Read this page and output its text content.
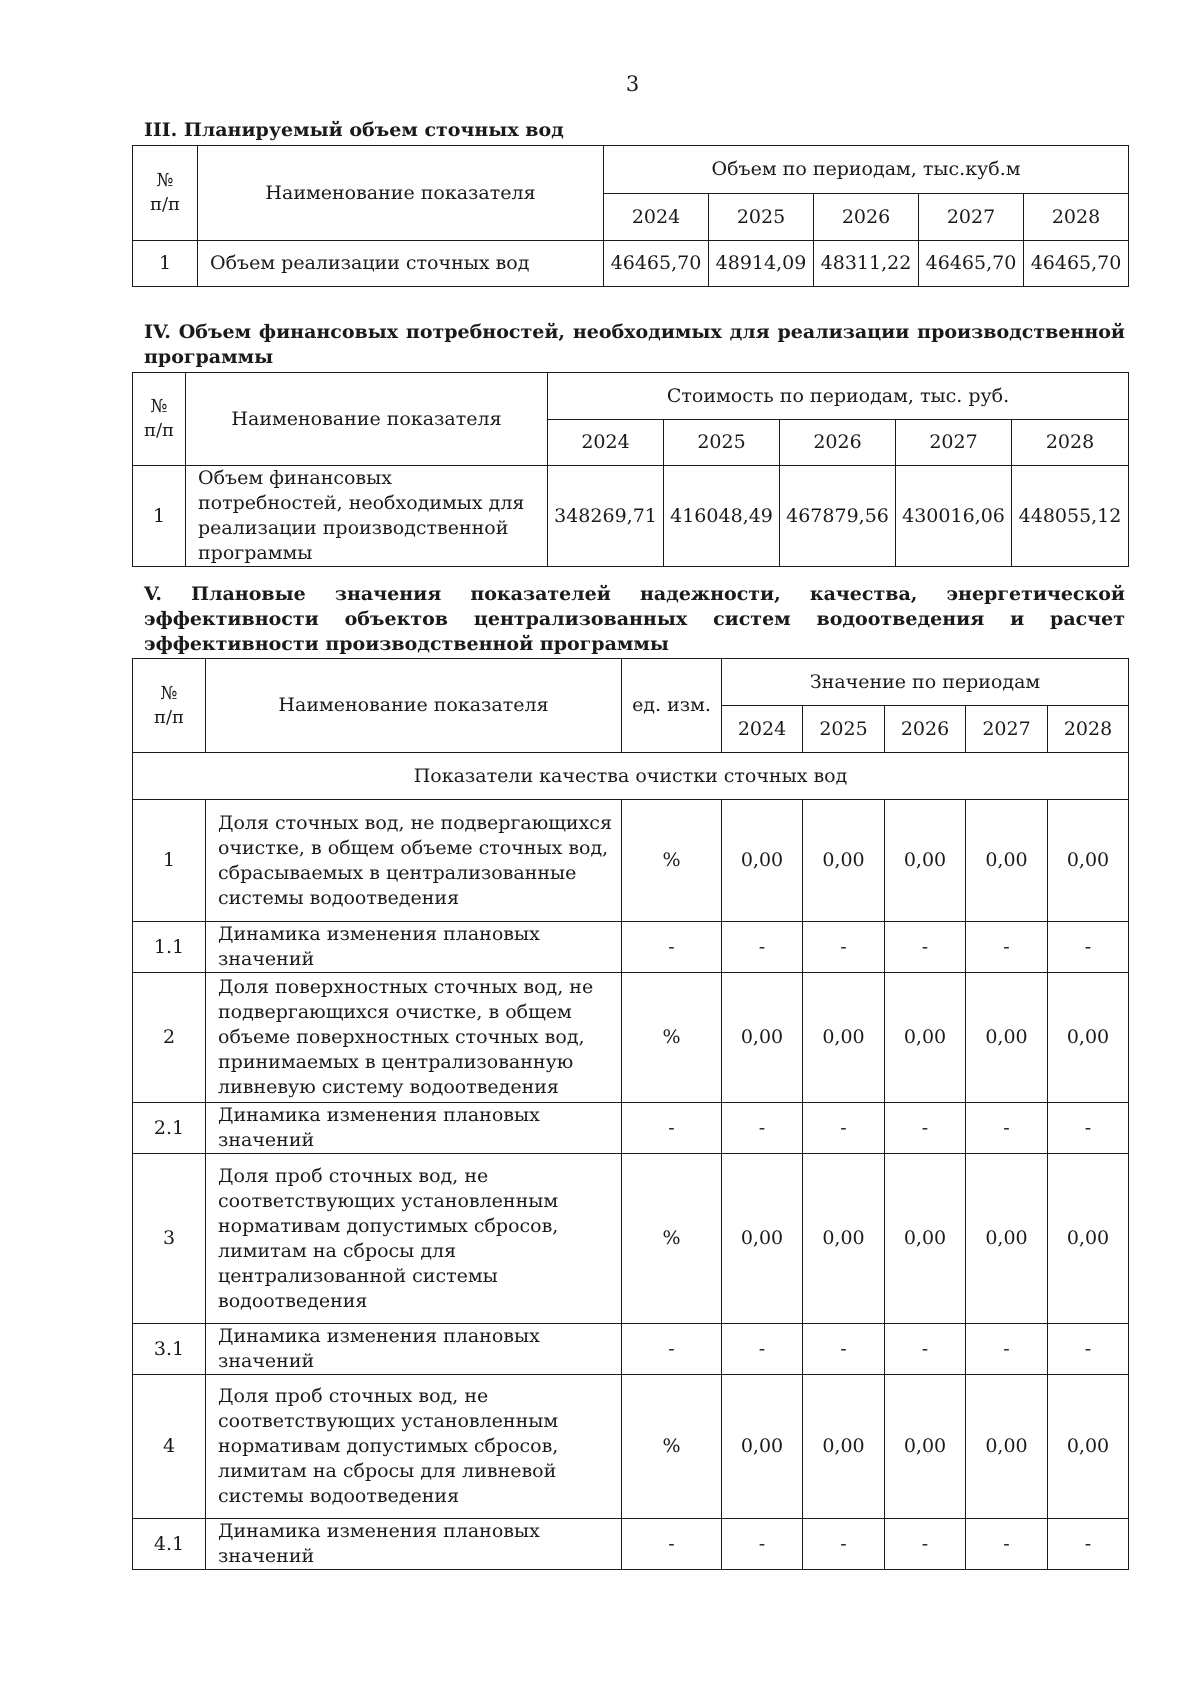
3
III. Планируемый объем сточных вод
№
п/п	Наименование показателя	Объем по периодам, тыс.куб.м				
		2024	2025	2026	2027	2028
1	Объем реализации сточных вод	46465,70	48914,09	48311,22	46465,70	46465,70
IV. Объем финансовых потребностей, необходимых для реализации производственной программы
№
п/п	Наименование показателя	Стоимость по периодам, тыс. руб.				
		2024	2025	2026	2027	2028
1	Объем финансовых потребностей, необходимых для реализации производственной программы	348269,71	416048,49	467879,56	430016,06	448055,12
V. Плановые значения показателей надежности, качества, энергетической эффективности объектов централизованных систем водоотведения и расчет эффективности производственной программы
№
п/п	Наименование показателя	ед. изм.	Значение по периодам				
			2024	2025	2026	2027	2028
Показатели качества очистки сточных вод							
1	Доля сточных вод, не подвергающихся очистке, в общем объеме сточных вод, сбрасываемых в централизованные системы водоотведения	%	0,00	0,00	0,00	0,00	0,00
1.1	Динамика изменения плановых значений	-	-	-	-	-	-
2	Доля поверхностных сточных вод, не подвергающихся очистке, в общем объеме поверхностных сточных вод, принимаемых в централизованную ливневую систему водоотведения	%	0,00	0,00	0,00	0,00	0,00
2.1	Динамика изменения плановых значений	-	-	-	-	-	-
3	Доля проб сточных вод, не соответствующих установленным нормативам допустимых сбросов, лимитам на сбросы для централизованной системы водоотведения	%	0,00	0,00	0,00	0,00	0,00
3.1	Динамика изменения плановых значений	-	-	-	-	-	-
4	Доля проб сточных вод, не соответствующих установленным нормативам допустимых сбросов, лимитам на сбросы для ливневой системы водоотведения	%	0,00	0,00	0,00	0,00	0,00
4.1	Динамика изменения плановых значений	-	-	-	-	-	-
